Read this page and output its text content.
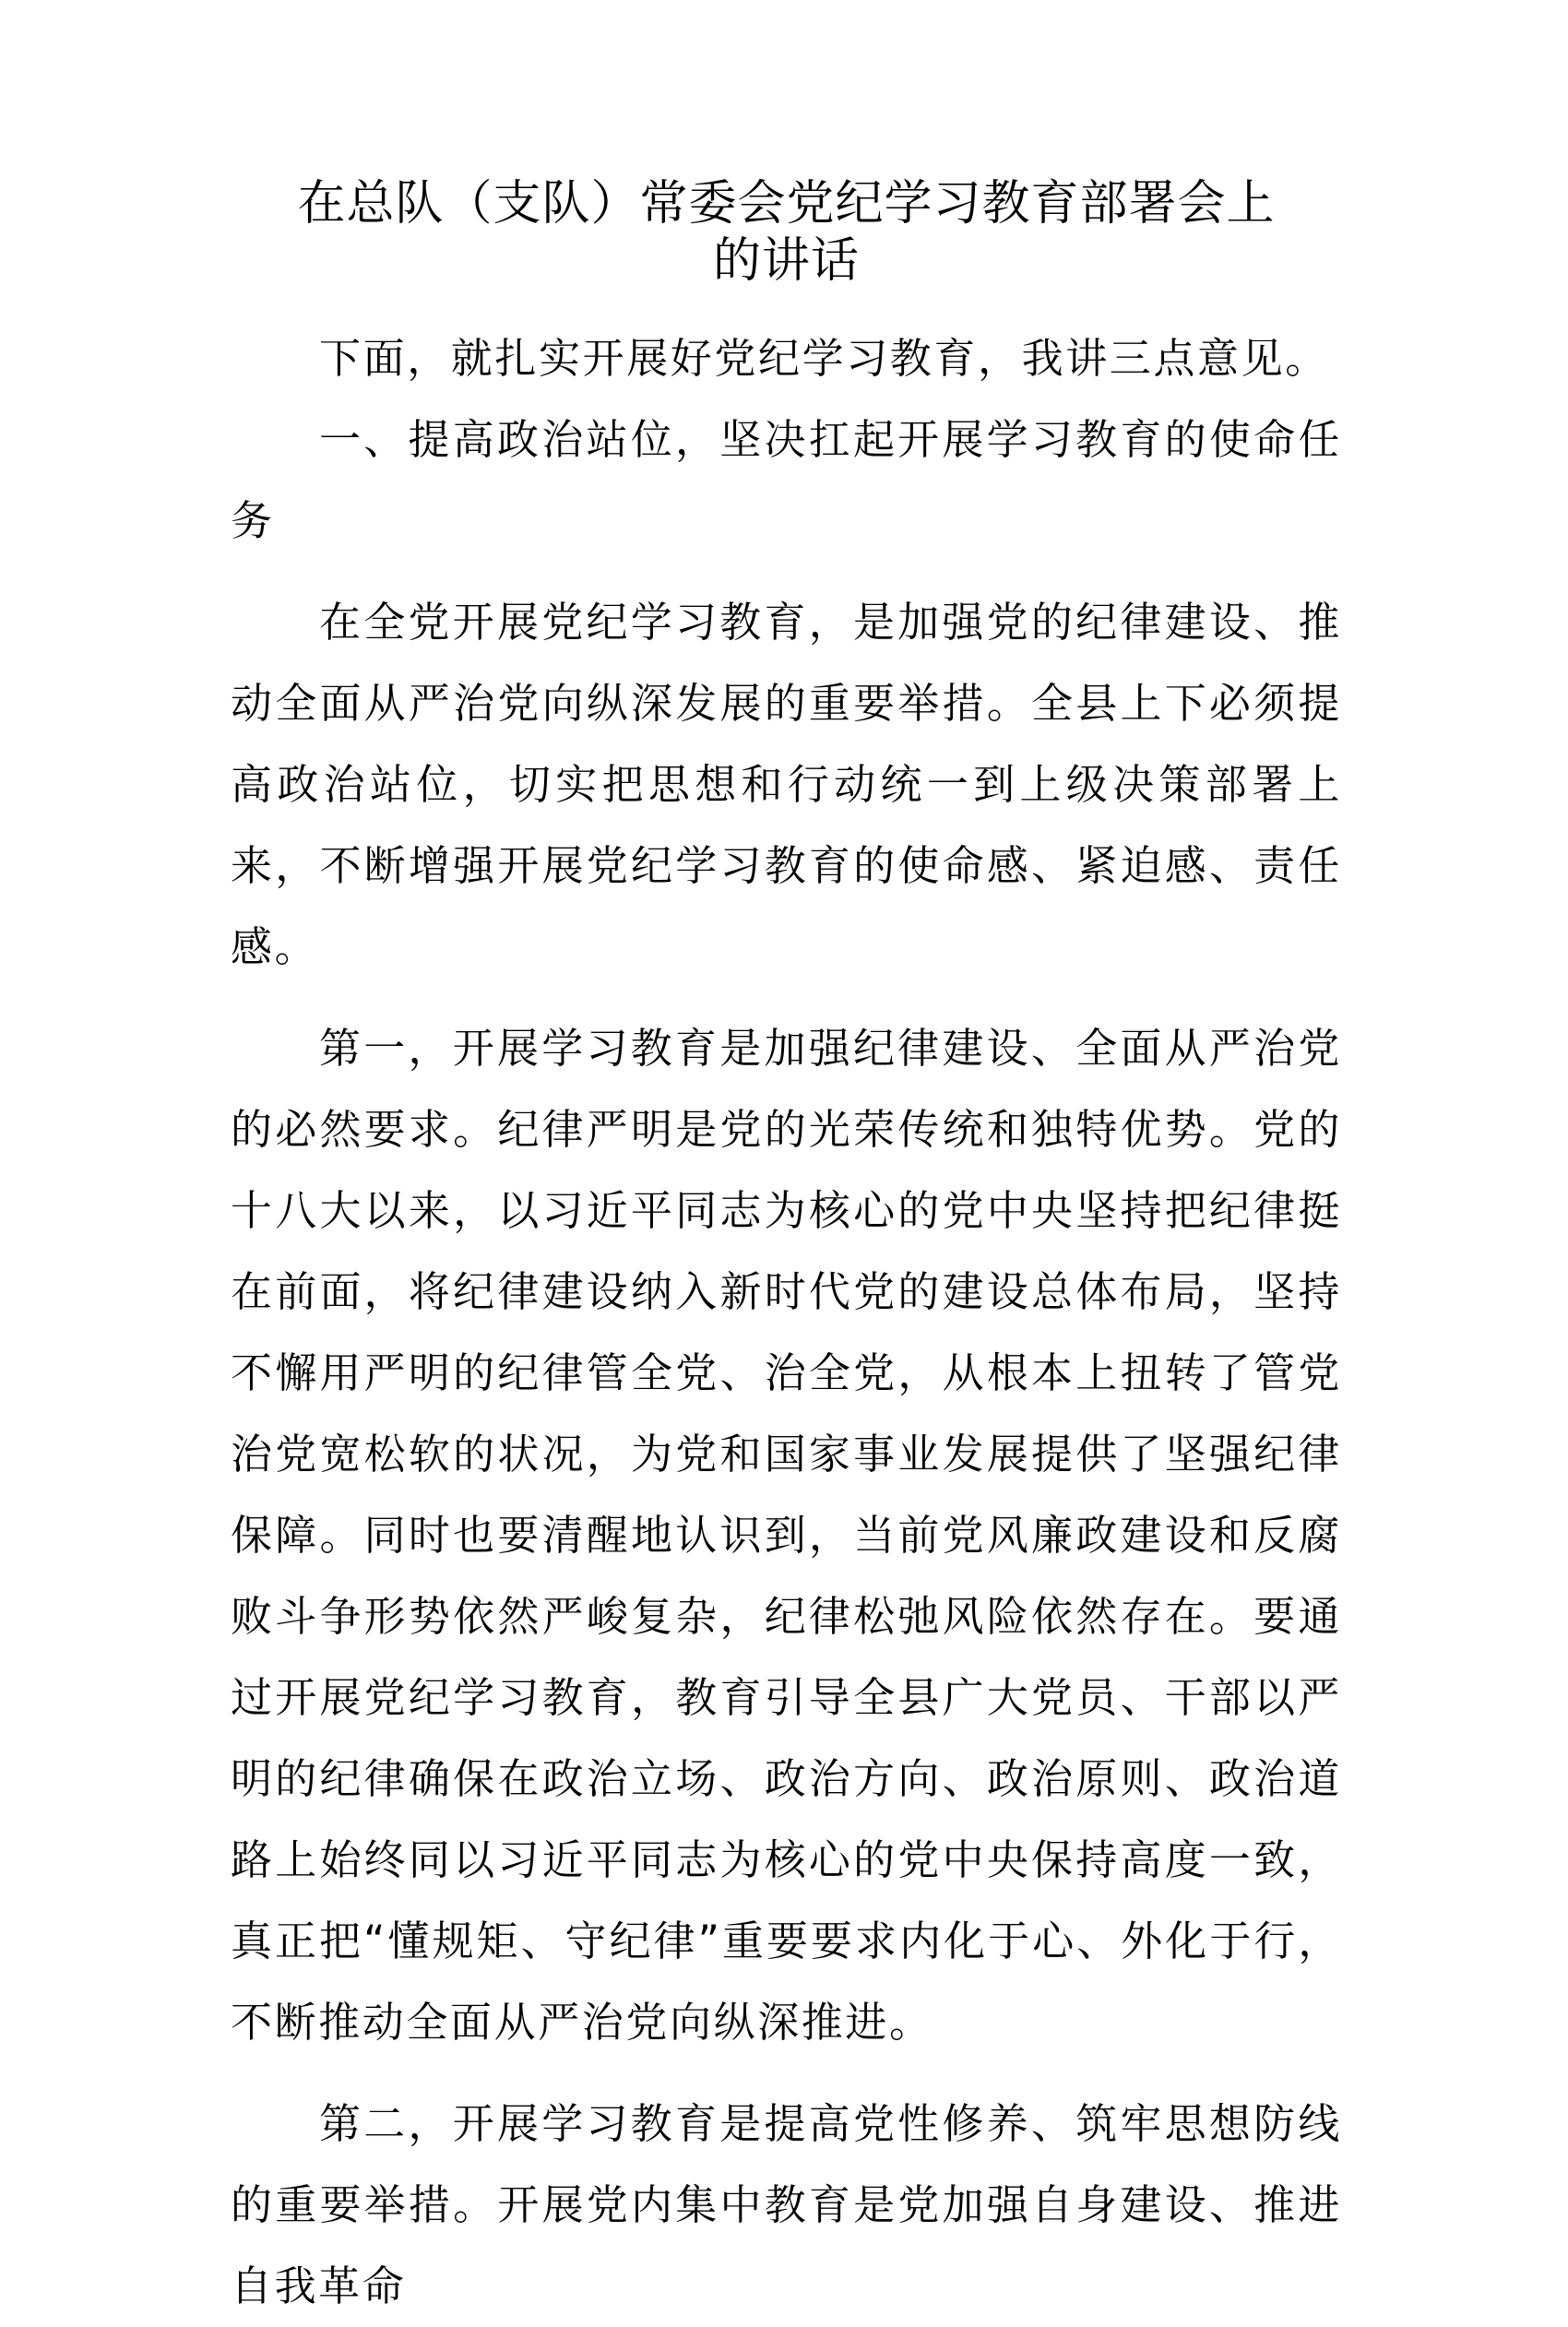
在总队（支队）常委会党纪学习教育部署会上
的讲话

下面，就扎实开展好党纪学习教育，我讲三点意见。

一、提高政治站位，坚决扛起开展学习教育的使命任务

在全党开展党纪学习教育，是加强党的纪律建设、推动全面从严治党向纵深发展的重要举措。全县上下必须提高政治站位，切实把思想和行动统一到上级决策部署上来，不断增强开展党纪学习教育的使命感、紧迫感、责任感。

第一，开展学习教育是加强纪律建设、全面从严治党的必然要求。纪律严明是党的光荣传统和独特优势。党的十八大以来，以习近平同志为核心的党中央坚持把纪律挺在前面，将纪律建设纳入新时代党的建设总体布局，坚持不懈用严明的纪律管全党、治全党，从根本上扭转了管党治党宽松软的状况，为党和国家事业发展提供了坚强纪律保障。同时也要清醒地认识到，当前党风廉政建设和反腐败斗争形势依然严峻复杂，纪律松弛风险依然存在。要通过开展党纪学习教育，教育引导全县广大党员、干部以严明的纪律确保在政治立场、政治方向、政治原则、政治道路上始终同以习近平同志为核心的党中央保持高度一致，真正把“懂规矩、守纪律”重要要求内化于心、外化于行，不断推动全面从严治党向纵深推进。

第二，开展学习教育是提高党性修养、筑牢思想防线的重要举措。开展党内集中教育是党加强自身建设、推进自我革命
